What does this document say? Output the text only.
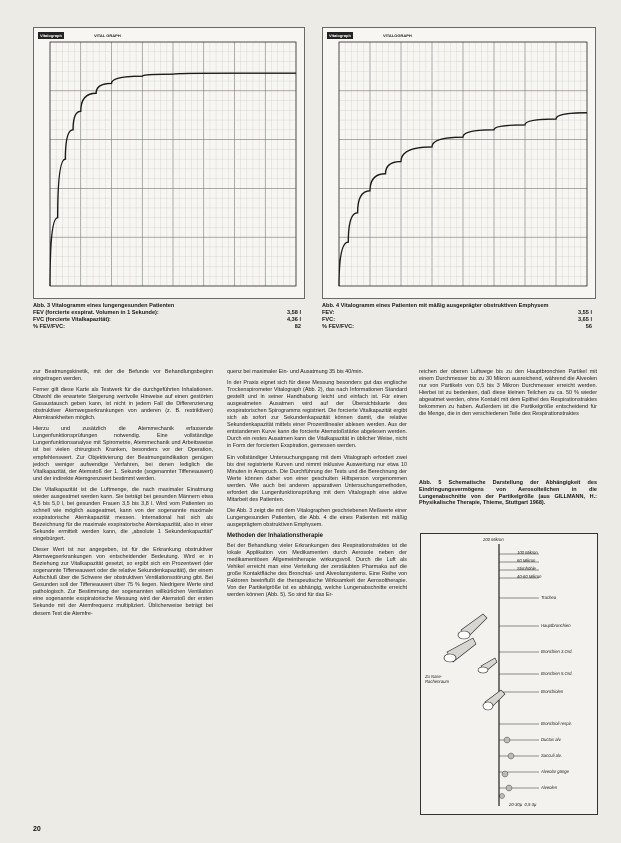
Vitalograph	VITAL GRAPH	Vitalograph	VITALOGRAPH
Abb. 3 Vitalogramm eines lungengesunden Patienten
FEV (forcierte exspirat. Volumen in 1 Sekunde):	3,58 l
FVC (forcierte Vitalkapazität):	4,36 l
% FEV/FVC:	82
Abb. 4 Vitalogramm eines Patienten mit mäßig ausgeprägter obstruktiven Emphysem
FEV:	3,55 l
FVC:	3,65 l
% FEV/FVC:	56

zur Beatmungskinetik, mit der die Befunde vor Behandlungsbeginn eingetragen werden.

Ferner gilt diese Karte als Testwerk für die durchgeführten Inhalationen. Obwohl die erwartete Steigerung wertvolle Hinweise auf einen gestörten Gasaustausch geben kann, ist nicht in jedem Fall die Differenzierung obstruktiver Atemwegserkrankungen von anderen (z. B. restriktiven) Atemkrankheiten möglich.

Hierzu und zusätzlich die Atemmechanik erfassende Lungenfunktionsprüfungen notwendig. Eine vollständige Lungenfunktionsanalyse mit Spirometrie, Atemmechanik und Arbeitsweise ist bei vielen chirurgisch Kranken, besonders vor der Operation, empfehlenswert. Zur Objektivierung der Beatmungsindikation genügen jedoch weniger aufwendige Verfahren, bei denen lediglich die Vitalkapazität, der Atemstoß der 1. Sekunde (sogenannter Tiffeneauwert) und der indirekte Atemgrenzwert bestimmt werden.

Die Vitalkapazität ist die Luftmenge, die nach maximaler Einatmung wieder ausgeatmet werden kann. Sie beträgt bei gesunden Männern etwa 4,5 bis 5,0 l, bei gesunden Frauen 3,5 bis 3,8 l. Wird vom Patienten so schnell wie möglich ausgeatmet, kann von der sogenannte maximale exspiratorische Atemkapazität messen. International hat sich als Bezeichnung für die maximale exspiratorische Atemkapazität, also in einer Sekunde ermittelt werden kann, die „absolute 1 Sekundenkapazität" eingebürgert.

Dieser Wert ist nur angegeben, ist für die Erkrankung obstruktiver Atemwegserkrankungen von entscheidender Bedeutung. Wird er in Beziehung zur Vitalkapazität gesetzt, so ergibt sich ein Prozentwert (der sogenannte Tiffeneauwert oder die relative Sekundenkapazität), der einem Aufschluß über die Schwere der obstruktiven Ventilationsstörung gibt. Bei Gesunden soll der Tiffeneauwert über 75 % liegen. Niedrigere Werte sind pathologisch. Zur Bestimmung der sogenannten willkürlichen Ventilation eine sogenannte exspiratorische Messung wird der Atemstoß der ersten Sekunde mit der Atemfrequenz multipliziert. Üblicherweise beträgt bei diesem Test die Atemfre-

quenz bei maximaler Ein- und Ausatmung 35 bis 40/min.

In der Praxis eignet sich für diese Messung besonders gut das englische Trockenspirometer Vitalograph (Abb. 2), das nach Informationen Standard gestellt und in seiner Handhabung leicht und einfach ist. Für einen ausgeatmeten Ausatmen wird auf der Übersichtskarte des exspiratorischen Spirogramms registriert. Die forcierte Vitalkapazität ergibt sich ab sofort zur Sekundenkapazität können damit, die relative Sekundenkapazität mittels einer Prozentlinealer ablesen werden. Aus der entstandenen Kurve kann die forcierte Atemstoßstärke abgelesen werden. Durch ein restes Ausatmen kann die Vitalkapazität in üblicher Weise, nicht in Form der forcierten Exspiration, gemessen werden.

Ein vollständiger Untersuchungsgang mit dem Vitalograph erfordert zwei bis drei registrierte Kurven und nimmt inklusive Auswertung nur etwa 10 Minuten in Anspruch. Die Durchführung der Tests und die Berechnung der Werte können daher von einer geschulten Hilfsperson vorgenommen werden. Wie auch bei anderen apparativen Untersuchungsmethoden, erfordert die Lungenfunktionsprüfung mit dem Vitalograph eine aktive Mitarbeit des Patienten.

Die Abb. 3 zeigt die mit dem Vitalographen geschriebenen Meßwerte einer Lungengesunden Patienten, die Abb. 4 die eines Patienten mit mäßig ausgeprägtem obstruktiven Emphysem.

Methoden der Inhalationstherapie

Bei der Behandlung vieler Erkrankungen des Respirationstraktes ist die lokale Applikation von Medikamenten durch Aerosole neben der medikamentösen Allgemeintherapie wirkungsvoll. Durch die Luft als Vehikel erreicht man eine Verteilung der zerstäubten Pharmaka auf die große Kontaktfläche des Bronchial- und Alveolarsystems. Eine Reihe von Faktoren beeinflußt die therapeutische Wirksamkeit der Aerosoltherapie. Von der Partikelgröße ist es abhängig, welche Lungenabschnitte erreicht werden können (Abb. 5). So sind für das Er-

reichen der oberen Luftwege bis zu den Hauptbronchien Partikel mit einem Durchmesser bis zu 30 Mikron ausreichend, während die Alveolen nur von Partikeln von 0,5 bis 3 Mikron Durchmesser erreicht werden. Hierbei ist zu bedenken, daß diese kleinen Teilchen zu ca. 50 % wieder abgeatmet werden, ohne Kontakt mit dem Epithel des Respirationstraktes bekommen zu haben. Außerdem ist die Partikelgröße entscheidend für die Menge, die in den verschiedenen Teile des Respirationstraktes

Abb. 5 Schematische Darstellung der Abhängigkeit des Eindringungsvermögens von Aerosolteilchen in die Lungenabschnitte von der Partikelgröße (aus GILLMANN, H.: Physikalische Therapie, Thieme, Stuttgart 1968).
200 Mikron
100 Mikron
60 Mikron
Stirnhöhle
40-60 Mikron
Trachea
Hauptbronchien
Bronchien 3.Ord.
Bronchien 5.Ord.
Bronchiolen
Bronchioli respir.
Ductus alv.
Sacculi alv.
Alveolar gänge
Alveolen
20-30µ  0,5-3µ
Zu Nase-
Rachenraum
20
